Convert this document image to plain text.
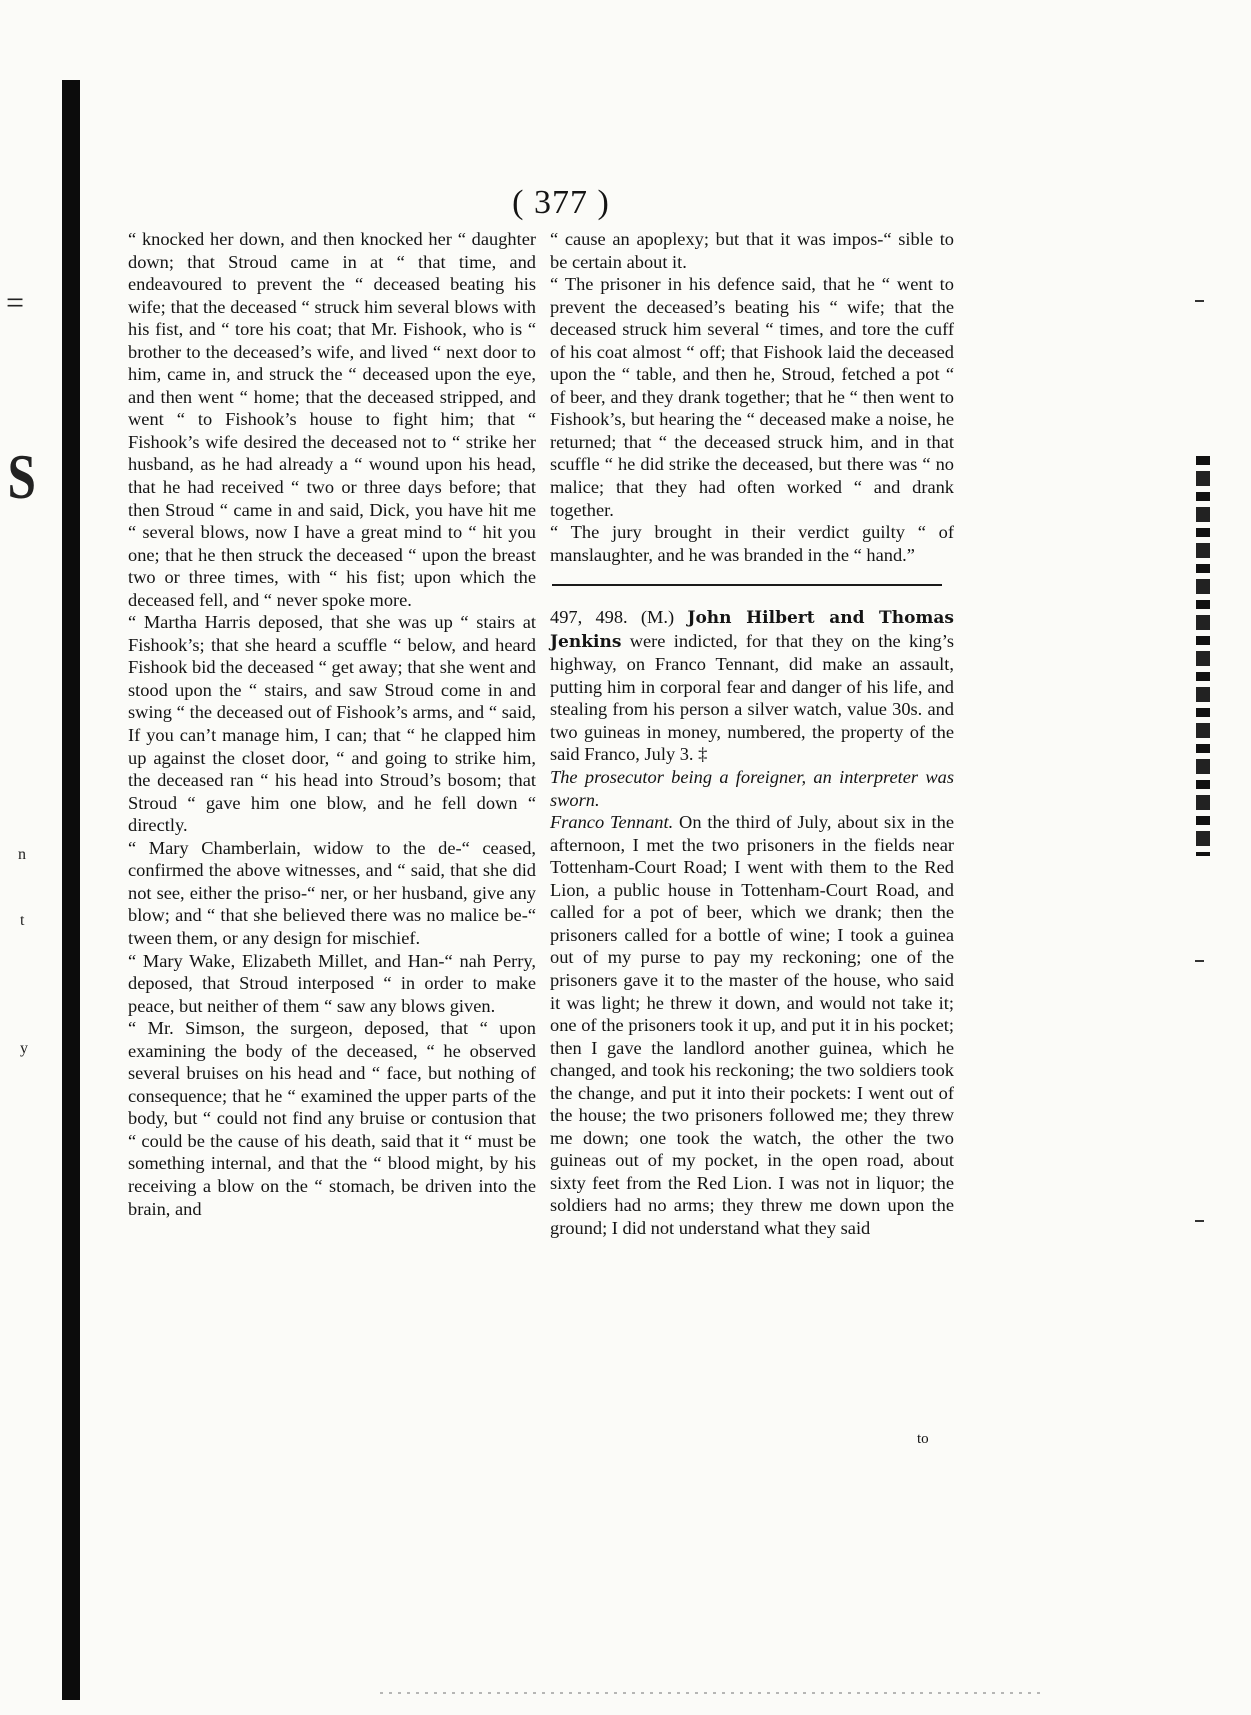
=
S
n
t
y
( 377 )

“ knocked her down, and then knocked her “ daughter down; that Stroud came in at “ that time, and endeavoured to prevent the “ deceased beating his wife; that the deceased “ struck him several blows with his fist, and “ tore his coat; that Mr. Fishook, who is “ brother to the deceased’s wife, and lived “ next door to him, came in, and struck the “ deceased upon the eye, and then went “ home; that the deceased stripped, and went “ to Fishook’s house to fight him; that “ Fishook’s wife desired the deceased not to “ strike her husband, as he had already a “ wound upon his head, that he had received “ two or three days before; that then Stroud “ came in and said, Dick, you have hit me “ several blows, now I have a great mind to “ hit you one; that he then struck the deceased “ upon the breast two or three times, with “ his fist; upon which the deceased fell, and “ never spoke more.

“ Martha Harris deposed, that she was up “ stairs at Fishook’s; that she heard a scuffle “ below, and heard Fishook bid the deceased “ get away; that she went and stood upon the “ stairs, and saw Stroud come in and swing “ the deceased out of Fishook’s arms, and “ said, If you can’t manage him, I can; that “ he clapped him up against the closet door, “ and going to strike him, the deceased ran “ his head into Stroud’s bosom; that Stroud “ gave him one blow, and he fell down “ directly.

“ Mary Chamberlain, widow to the de-“ ceased, confirmed the above witnesses, and “ said, that she did not see, either the priso-“ ner, or her husband, give any blow; and “ that she believed there was no malice be-“ tween them, or any design for mischief.

“ Mary Wake, Elizabeth Millet, and Han-“ nah Perry, deposed, that Stroud interposed “ in order to make peace, but neither of them “ saw any blows given.

“ Mr. Simson, the surgeon, deposed, that “ upon examining the body of the deceased, “ he observed several bruises on his head and “ face, but nothing of consequence; that he “ examined the upper parts of the body, but “ could not find any bruise or contusion that “ could be the cause of his death, said that it “ must be something internal, and that the “ blood might, by his receiving a blow on the “ stomach, be driven into the brain, and

“ cause an apoplexy; but that it was impos-“ sible to be certain about it.

“ The prisoner in his defence said, that he “ went to prevent the deceased’s beating his “ wife; that the deceased struck him several “ times, and tore the cuff of his coat almost “ off; that Fishook laid the deceased upon the “ table, and then he, Stroud, fetched a pot “ of beer, and they drank together; that he “ then went to Fishook’s, but hearing the “ deceased make a noise, he returned; that “ the deceased struck him, and in that scuffle “ he did strike the deceased, but there was “ no malice; that they had often worked “ and drank together.

“ The jury brought in their verdict guilty “ of manslaughter, and he was branded in the “ hand.”

497, 498. (M.) John Hilbert and Thomas Jenkins were indicted, for that they on the king’s highway, on Franco Tennant, did make an assault, putting him in corporal fear and danger of his life, and stealing from his person a silver watch, value 30s. and two guineas in money, numbered, the property of the said Franco, July 3. ‡

The prosecutor being a foreigner, an interpreter was sworn.

Franco Tennant. On the third of July, about six in the afternoon, I met the two prisoners in the fields near Tottenham-Court Road; I went with them to the Red Lion, a public house in Tottenham-Court Road, and called for a pot of beer, which we drank; then the prisoners called for a bottle of wine; I took a guinea out of my purse to pay my reckoning; one of the prisoners gave it to the master of the house, who said it was light; he threw it down, and would not take it; one of the prisoners took it up, and put it in his pocket; then I gave the landlord another guinea, which he changed, and took his reckoning; the two soldiers took the change, and put it into their pockets: I went out of the house; the two prisoners followed me; they threw me down; one took the watch, the other the two guineas out of my pocket, in the open road, about sixty feet from the Red Lion. I was not in liquor; the soldiers had no arms; they threw me down upon the ground; I did not understand what they said

to
